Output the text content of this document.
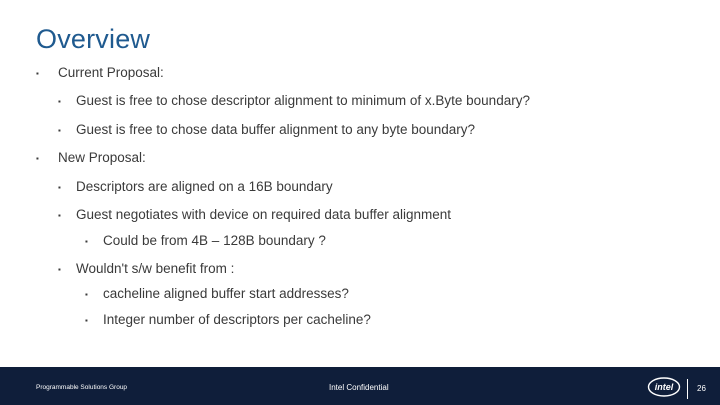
Overview
▪ Current Proposal:
▪ Guest is free to chose descriptor alignment to minimum of x.Byte boundary?
▪ Guest is free to chose data buffer alignment to any byte boundary?
▪ New Proposal:
▪ Descriptors are aligned on a 16B boundary
▪ Guest negotiates with device on required data buffer alignment
▪ Could be from 4B – 128B boundary ?
▪ Wouldn't s/w benefit from :
▪ cacheline aligned buffer start addresses?
▪ Integer number of descriptors per cacheline?
Programmable Solutions Group	Intel Confidential	intel	26
